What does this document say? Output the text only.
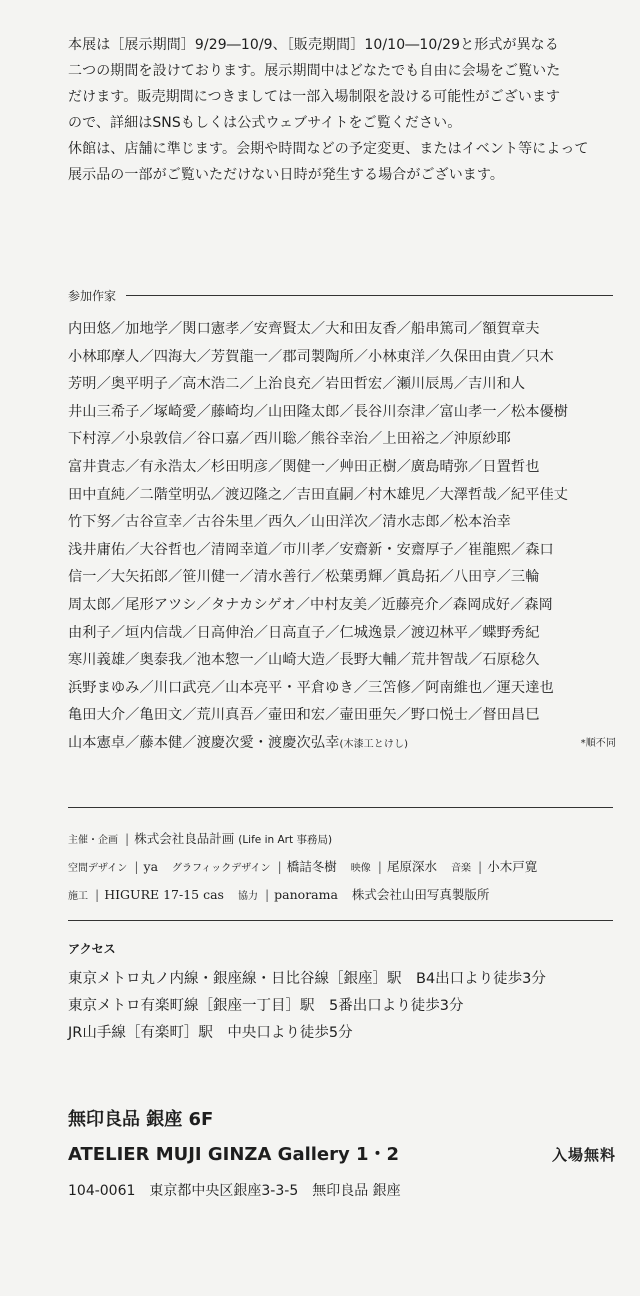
本展は［展示期間］9/29―10/9、［販売期間］10/10―10/29と形式が異なる

二つの期間を設けております。展示期間中はどなたでも自由に会場をご覧いた

だけます。販売期間につきましては一部入場制限を設ける可能性がございます

ので、詳細はSNSもしくは公式ウェブサイトをご覧ください。

休館は、店舗に準じます。会期や時間などの予定変更、またはイベント等によって

展示品の一部がご覧いただけない日時が発生する場合がございます。

参加作家
内田悠／加地学／関口憲孝／安齊賢太／大和田友香／船串篤司／額賀章夫
小林耶摩人／四海大／芳賀龍一／郡司製陶所／小林東洋／久保田由貴／只木
芳明／奥平明子／高木浩二／上治良充／岩田哲宏／瀬川辰馬／吉川和人
井山三希子／塚崎愛／藤崎均／山田隆太郎／長谷川奈津／富山孝一／松本優樹
下村淳／小泉敦信／谷口嘉／西川聡／熊谷幸治／上田裕之／沖原紗耶
富井貴志／有永浩太／杉田明彦／関健一／艸田正樹／廣島晴弥／日置哲也
田中直純／二階堂明弘／渡辺隆之／吉田直嗣／村木雄児／大澤哲哉／紀平佳丈
竹下努／古谷宣幸／古谷朱里／西久／山田洋次／清水志郎／松本治幸
浅井庸佑／大谷哲也／清岡幸道／市川孝／安齋新・安齋厚子／崔龍熙／森口
信一／大矢拓郎／笹川健一／清水善行／松葉勇輝／眞島拓／八田亨／三輪
周太郎／尾形アツシ／タナカシゲオ／中村友美／近藤亮介／森岡成好／森岡
由利子／垣内信哉／日高伸治／日高直子／仁城逸景／渡辺林平／蝶野秀紀
寒川義雄／奥泰我／池本惣一／山崎大造／長野大輔／荒井智哉／石原稔久
浜野まゆみ／川口武亮／山本亮平・平倉ゆき／三笘修／阿南維也／運天達也
亀田大介／亀田文／荒川真吾／壷田和宏／壷田亜矢／野口悦士／督田昌巳
山本憲卓／藤本健／渡慶次愛・渡慶次弘幸(木漆工とけし)	*順不同
主催・企画 | 株式会社良品計画 (Life in Art 事務局)
空間デザイン | ya グラフィックデザイン | 橋詰冬樹 映像 | 尾原深水 音楽 | 小木戸寛
施工 | HIGURE 17-15 cas 協力 | panorama 株式会社山田写真製版所
アクセス

東京メトロ丸ノ内線・銀座線・日比谷線［銀座］駅　B4出口より徒歩3分

東京メトロ有楽町線［銀座一丁目］駅　5番出口より徒歩3分

JR山手線［有楽町］駅　中央口より徒歩5分

無印良品 銀座 6F
ATELIER MUJI GINZA Gallery 1・2	入場無料
104-0061　東京都中央区銀座3-3-5　無印良品 銀座
